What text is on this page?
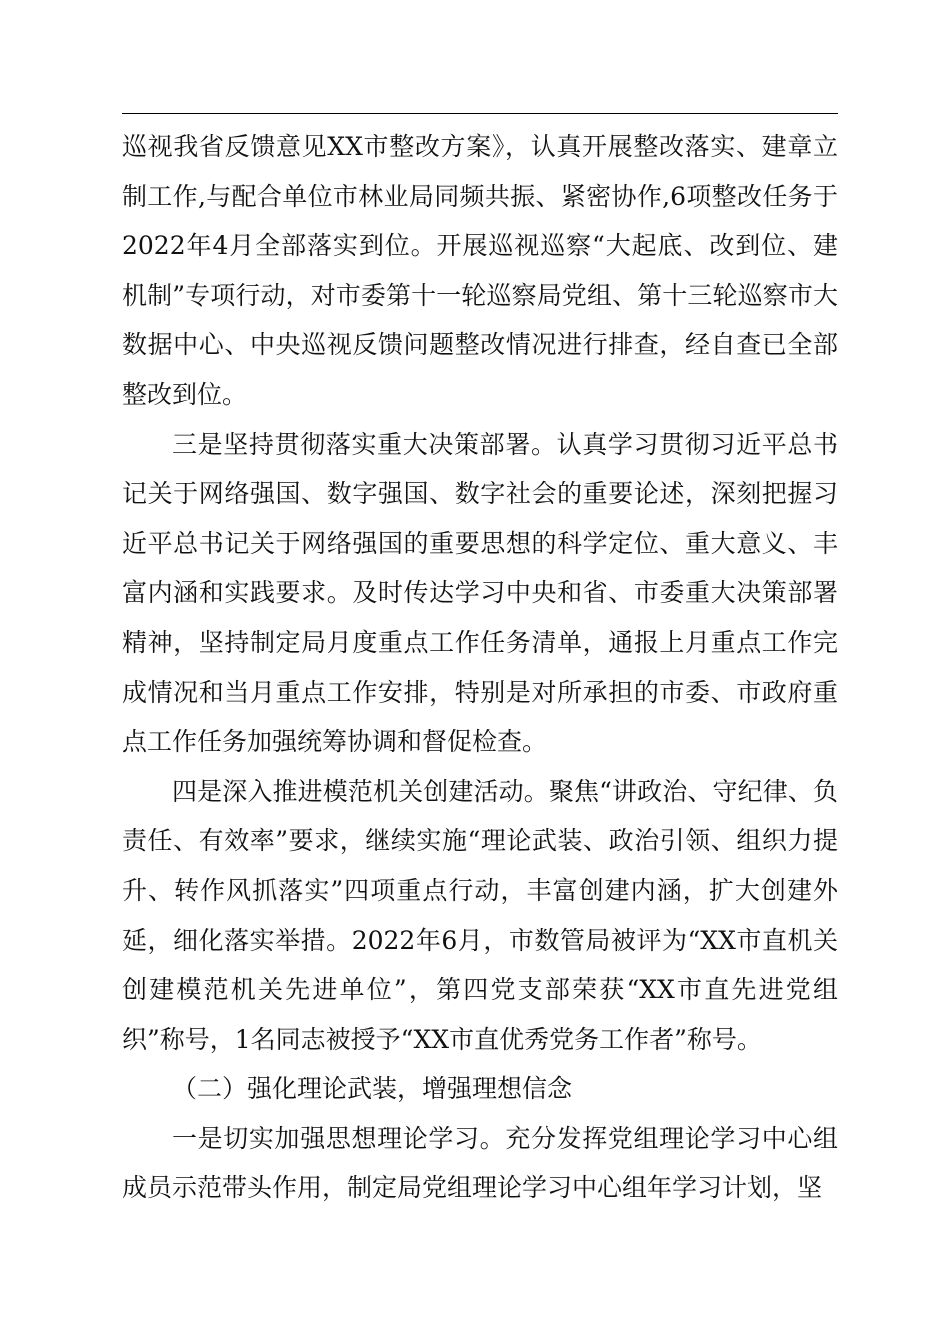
巡视我省反馈意见XX市整改方案》，认真开展整改落实、建章立制工作,与配合单位市林业局同频共振、紧密协作,6项整改任务于2022年4月全部落实到位。开展巡视巡察“大起底、改到位、建机制”专项行动，对市委第十一轮巡察局党组、第十三轮巡察市大数据中心、中央巡视反馈问题整改情况进行排查，经自查已全部整改到位。

三是坚持贯彻落实重大决策部署。认真学习贯彻习近平总书记关于网络强国、数字强国、数字社会的重要论述，深刻把握习近平总书记关于网络强国的重要思想的科学定位、重大意义、丰富内涵和实践要求。及时传达学习中央和省、市委重大决策部署精神，坚持制定局月度重点工作任务清单，通报上月重点工作完成情况和当月重点工作安排，特别是对所承担的市委、市政府重点工作任务加强统筹协调和督促检查。

四是深入推进模范机关创建活动。聚焦“讲政治、守纪律、负责任、有效率”要求，继续实施“理论武装、政治引领、组织力提升、转作风抓落实”四项重点行动，丰富创建内涵，扩大创建外延，细化落实举措。2022年6月，市数管局被评为“XX市直机关创建模范机关先进单位”，第四党支部荣获“XX市直先进党组织”称号，1名同志被授予“XX市直优秀党务工作者”称号。

（二）强化理论武装，增强理想信念

一是切实加强思想理论学习。充分发挥党组理论学习中心组成员示范带头作用，制定局党组理论学习中心组年学习计划，坚
